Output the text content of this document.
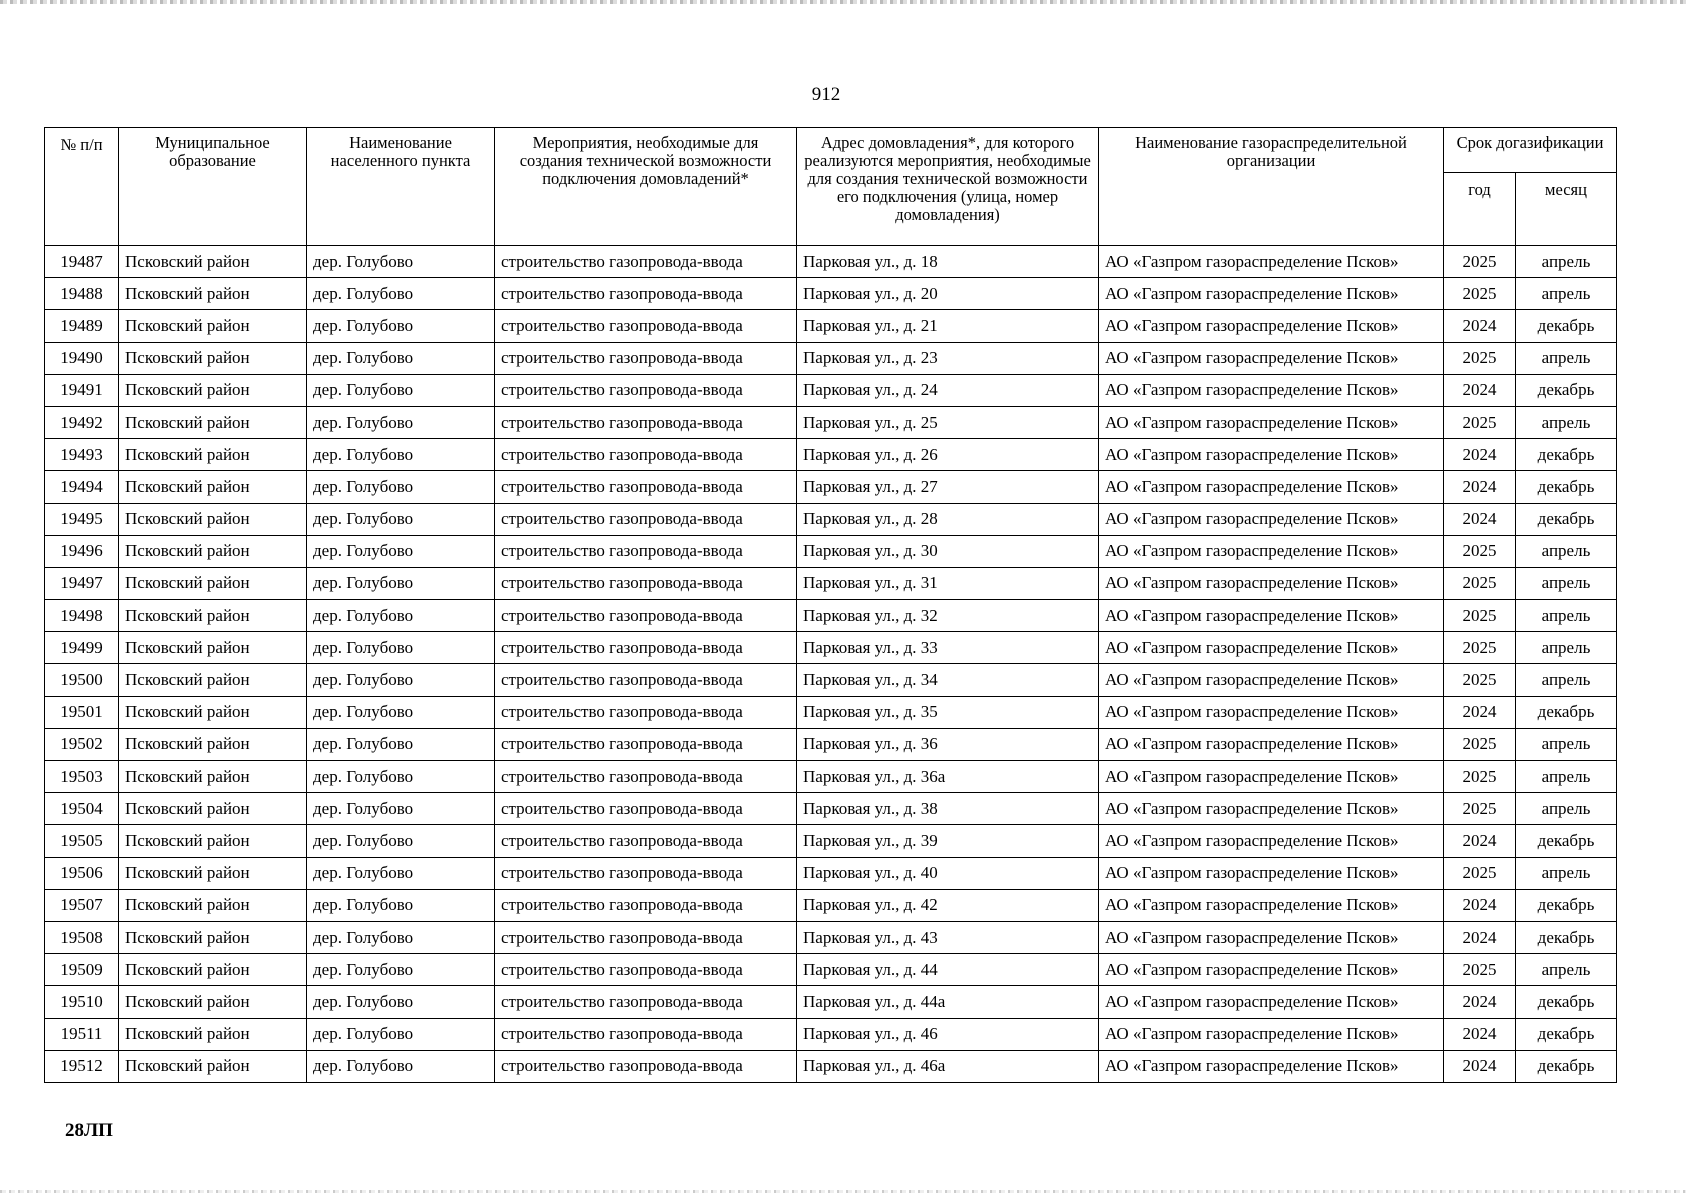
912
№ п/п	Муниципальное образование	Наименование населенного пункта	Мероприятия, необходимые для создания технической возможности подключения домовладений*	Адрес домовладения*, для которого реализуются мероприятия, необходимые для создания технической возможности его подключения (улица, номер домовладения)	Наименование газораспределительной организации	Срок догазификации	
						год	месяц
19487	Псковский район	дер. Голубово	строительство газопровода-ввода	Парковая ул., д. 18	АО «Газпром газораспределение Псков»	2025	апрель
19488	Псковский район	дер. Голубово	строительство газопровода-ввода	Парковая ул., д. 20	АО «Газпром газораспределение Псков»	2025	апрель
19489	Псковский район	дер. Голубово	строительство газопровода-ввода	Парковая ул., д. 21	АО «Газпром газораспределение Псков»	2024	декабрь
19490	Псковский район	дер. Голубово	строительство газопровода-ввода	Парковая ул., д. 23	АО «Газпром газораспределение Псков»	2025	апрель
19491	Псковский район	дер. Голубово	строительство газопровода-ввода	Парковая ул., д. 24	АО «Газпром газораспределение Псков»	2024	декабрь
19492	Псковский район	дер. Голубово	строительство газопровода-ввода	Парковая ул., д. 25	АО «Газпром газораспределение Псков»	2025	апрель
19493	Псковский район	дер. Голубово	строительство газопровода-ввода	Парковая ул., д. 26	АО «Газпром газораспределение Псков»	2024	декабрь
19494	Псковский район	дер. Голубово	строительство газопровода-ввода	Парковая ул., д. 27	АО «Газпром газораспределение Псков»	2024	декабрь
19495	Псковский район	дер. Голубово	строительство газопровода-ввода	Парковая ул., д. 28	АО «Газпром газораспределение Псков»	2024	декабрь
19496	Псковский район	дер. Голубово	строительство газопровода-ввода	Парковая ул., д. 30	АО «Газпром газораспределение Псков»	2025	апрель
19497	Псковский район	дер. Голубово	строительство газопровода-ввода	Парковая ул., д. 31	АО «Газпром газораспределение Псков»	2025	апрель
19498	Псковский район	дер. Голубово	строительство газопровода-ввода	Парковая ул., д. 32	АО «Газпром газораспределение Псков»	2025	апрель
19499	Псковский район	дер. Голубово	строительство газопровода-ввода	Парковая ул., д. 33	АО «Газпром газораспределение Псков»	2025	апрель
19500	Псковский район	дер. Голубово	строительство газопровода-ввода	Парковая ул., д. 34	АО «Газпром газораспределение Псков»	2025	апрель
19501	Псковский район	дер. Голубово	строительство газопровода-ввода	Парковая ул., д. 35	АО «Газпром газораспределение Псков»	2024	декабрь
19502	Псковский район	дер. Голубово	строительство газопровода-ввода	Парковая ул., д. 36	АО «Газпром газораспределение Псков»	2025	апрель
19503	Псковский район	дер. Голубово	строительство газопровода-ввода	Парковая ул., д. 36а	АО «Газпром газораспределение Псков»	2025	апрель
19504	Псковский район	дер. Голубово	строительство газопровода-ввода	Парковая ул., д. 38	АО «Газпром газораспределение Псков»	2025	апрель
19505	Псковский район	дер. Голубово	строительство газопровода-ввода	Парковая ул., д. 39	АО «Газпром газораспределение Псков»	2024	декабрь
19506	Псковский район	дер. Голубово	строительство газопровода-ввода	Парковая ул., д. 40	АО «Газпром газораспределение Псков»	2025	апрель
19507	Псковский район	дер. Голубово	строительство газопровода-ввода	Парковая ул., д. 42	АО «Газпром газораспределение Псков»	2024	декабрь
19508	Псковский район	дер. Голубово	строительство газопровода-ввода	Парковая ул., д. 43	АО «Газпром газораспределение Псков»	2024	декабрь
19509	Псковский район	дер. Голубово	строительство газопровода-ввода	Парковая ул., д. 44	АО «Газпром газораспределение Псков»	2025	апрель
19510	Псковский район	дер. Голубово	строительство газопровода-ввода	Парковая ул., д. 44а	АО «Газпром газораспределение Псков»	2024	декабрь
19511	Псковский район	дер. Голубово	строительство газопровода-ввода	Парковая ул., д. 46	АО «Газпром газораспределение Псков»	2024	декабрь
19512	Псковский район	дер. Голубово	строительство газопровода-ввода	Парковая ул., д. 46а	АО «Газпром газораспределение Псков»	2024	декабрь
28ЛП
